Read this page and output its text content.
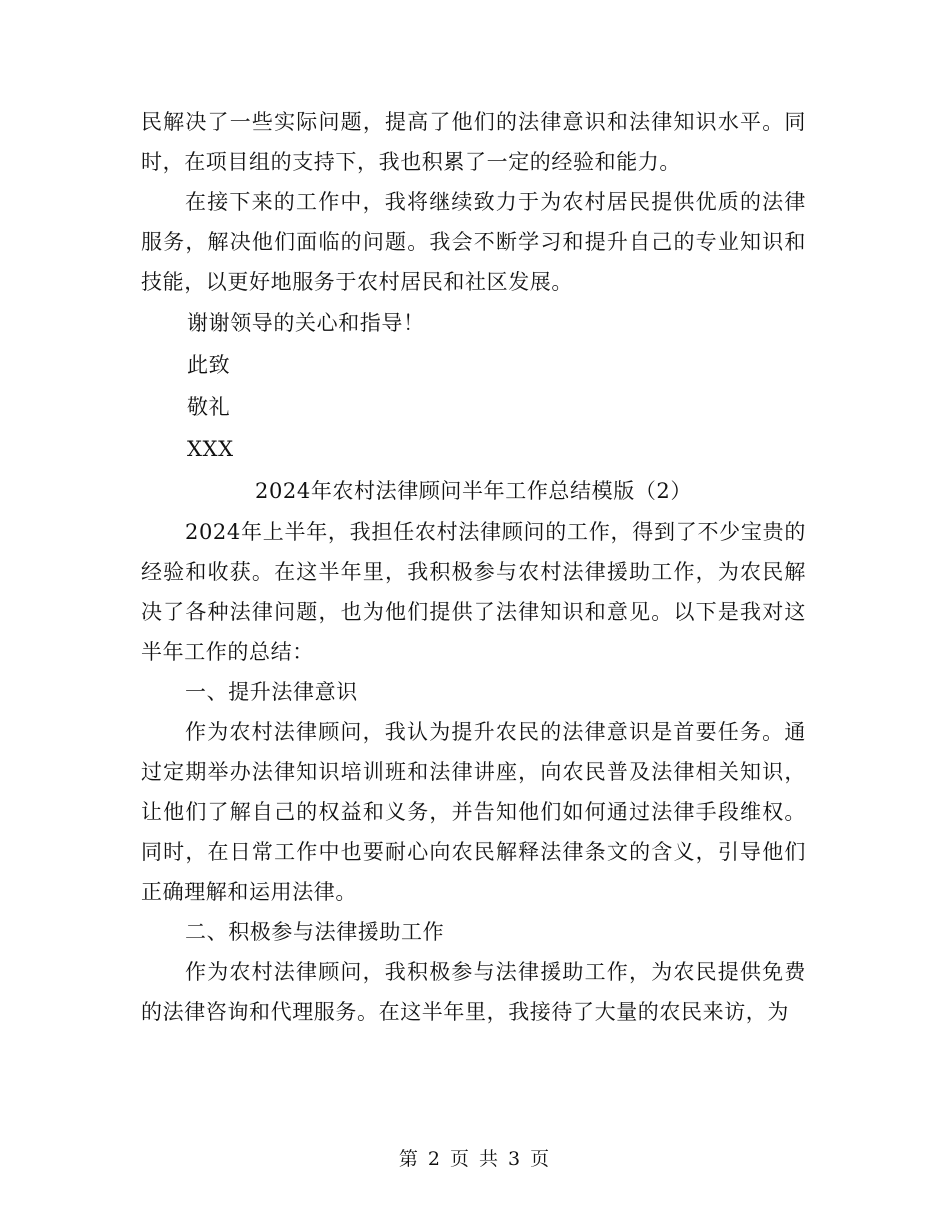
民解决了一些实际问题，提高了他们的法律意识和法律知识水平。同时，在项目组的支持下，我也积累了一定的经验和能力。

在接下来的工作中，我将继续致力于为农村居民提供优质的法律服务，解决他们面临的问题。我会不断学习和提升自己的专业知识和技能，以更好地服务于农村居民和社区发展。

谢谢领导的关心和指导！

此致

敬礼

XXX

2024年农村法律顾问半年工作总结模版（2）

2024年上半年，我担任农村法律顾问的工作，得到了不少宝贵的经验和收获。在这半年里，我积极参与农村法律援助工作，为农民解决了各种法律问题，也为他们提供了法律知识和意见。以下是我对这半年工作的总结：

一、提升法律意识

作为农村法律顾问，我认为提升农民的法律意识是首要任务。通过定期举办法律知识培训班和法律讲座，向农民普及法律相关知识，让他们了解自己的权益和义务，并告知他们如何通过法律手段维权。同时，在日常工作中也要耐心向农民解释法律条文的含义，引导他们正确理解和运用法律。

二、积极参与法律援助工作

作为农村法律顾问，我积极参与法律援助工作，为农民提供免费的法律咨询和代理服务。在这半年里，我接待了大量的农民来访，为

第 2 页 共 3 页
